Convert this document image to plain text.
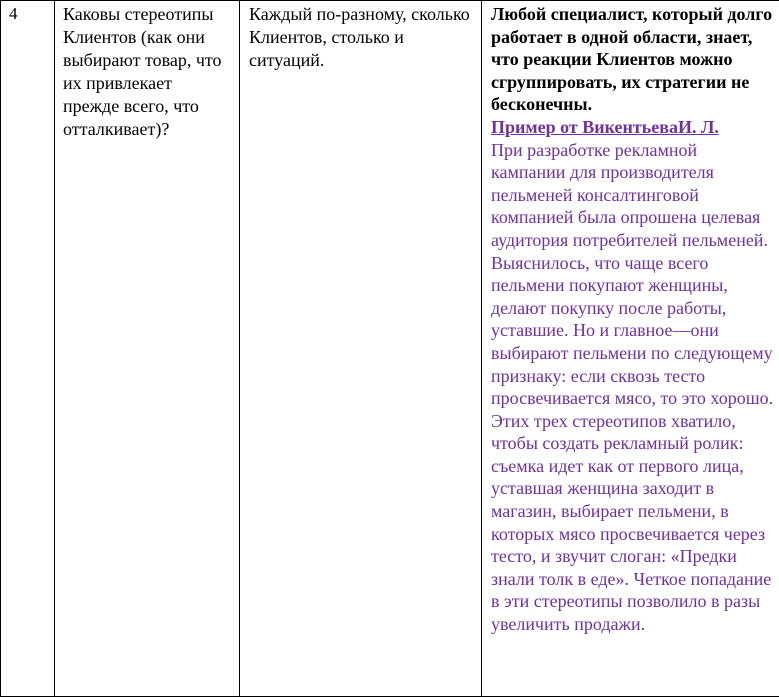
4	Каковы стереотипы Клиентов (как они выбирают товар, что их привлекает прежде всего, что отталкивает)?
Каждый по-разному, сколько Клиентов, столько и ситуаций.
Любой специалист, который долго работает в одной области, знает, что реакции Клиентов можно сгруппировать, их стратегии не бесконечны.
Пример от ВикентьеваИ. Л.
При разработке рекламной кампании для производителя пельменей консалтинговой компанией была опрошена целевая аудитория потребителей пельменей. Выяснилось, что чаще всего пельмени покупают женщины, делают покупку после работы, уставшие. Но и главное—они выбирают пельмени по следующему признаку: если сквозь тесто просвечивается мясо, то это хорошо. Этих трех стереотипов хватило, чтобы создать рекламный ролик: съемка идет как от первого лица, уставшая женщина заходит в магазин, выбирает пельмени, в которых мясо просвечивается через тесто, и звучит слоган: «Предки знали толк в еде». Четкое попадание в эти стереотипы позволило в разы увеличить продажи.
